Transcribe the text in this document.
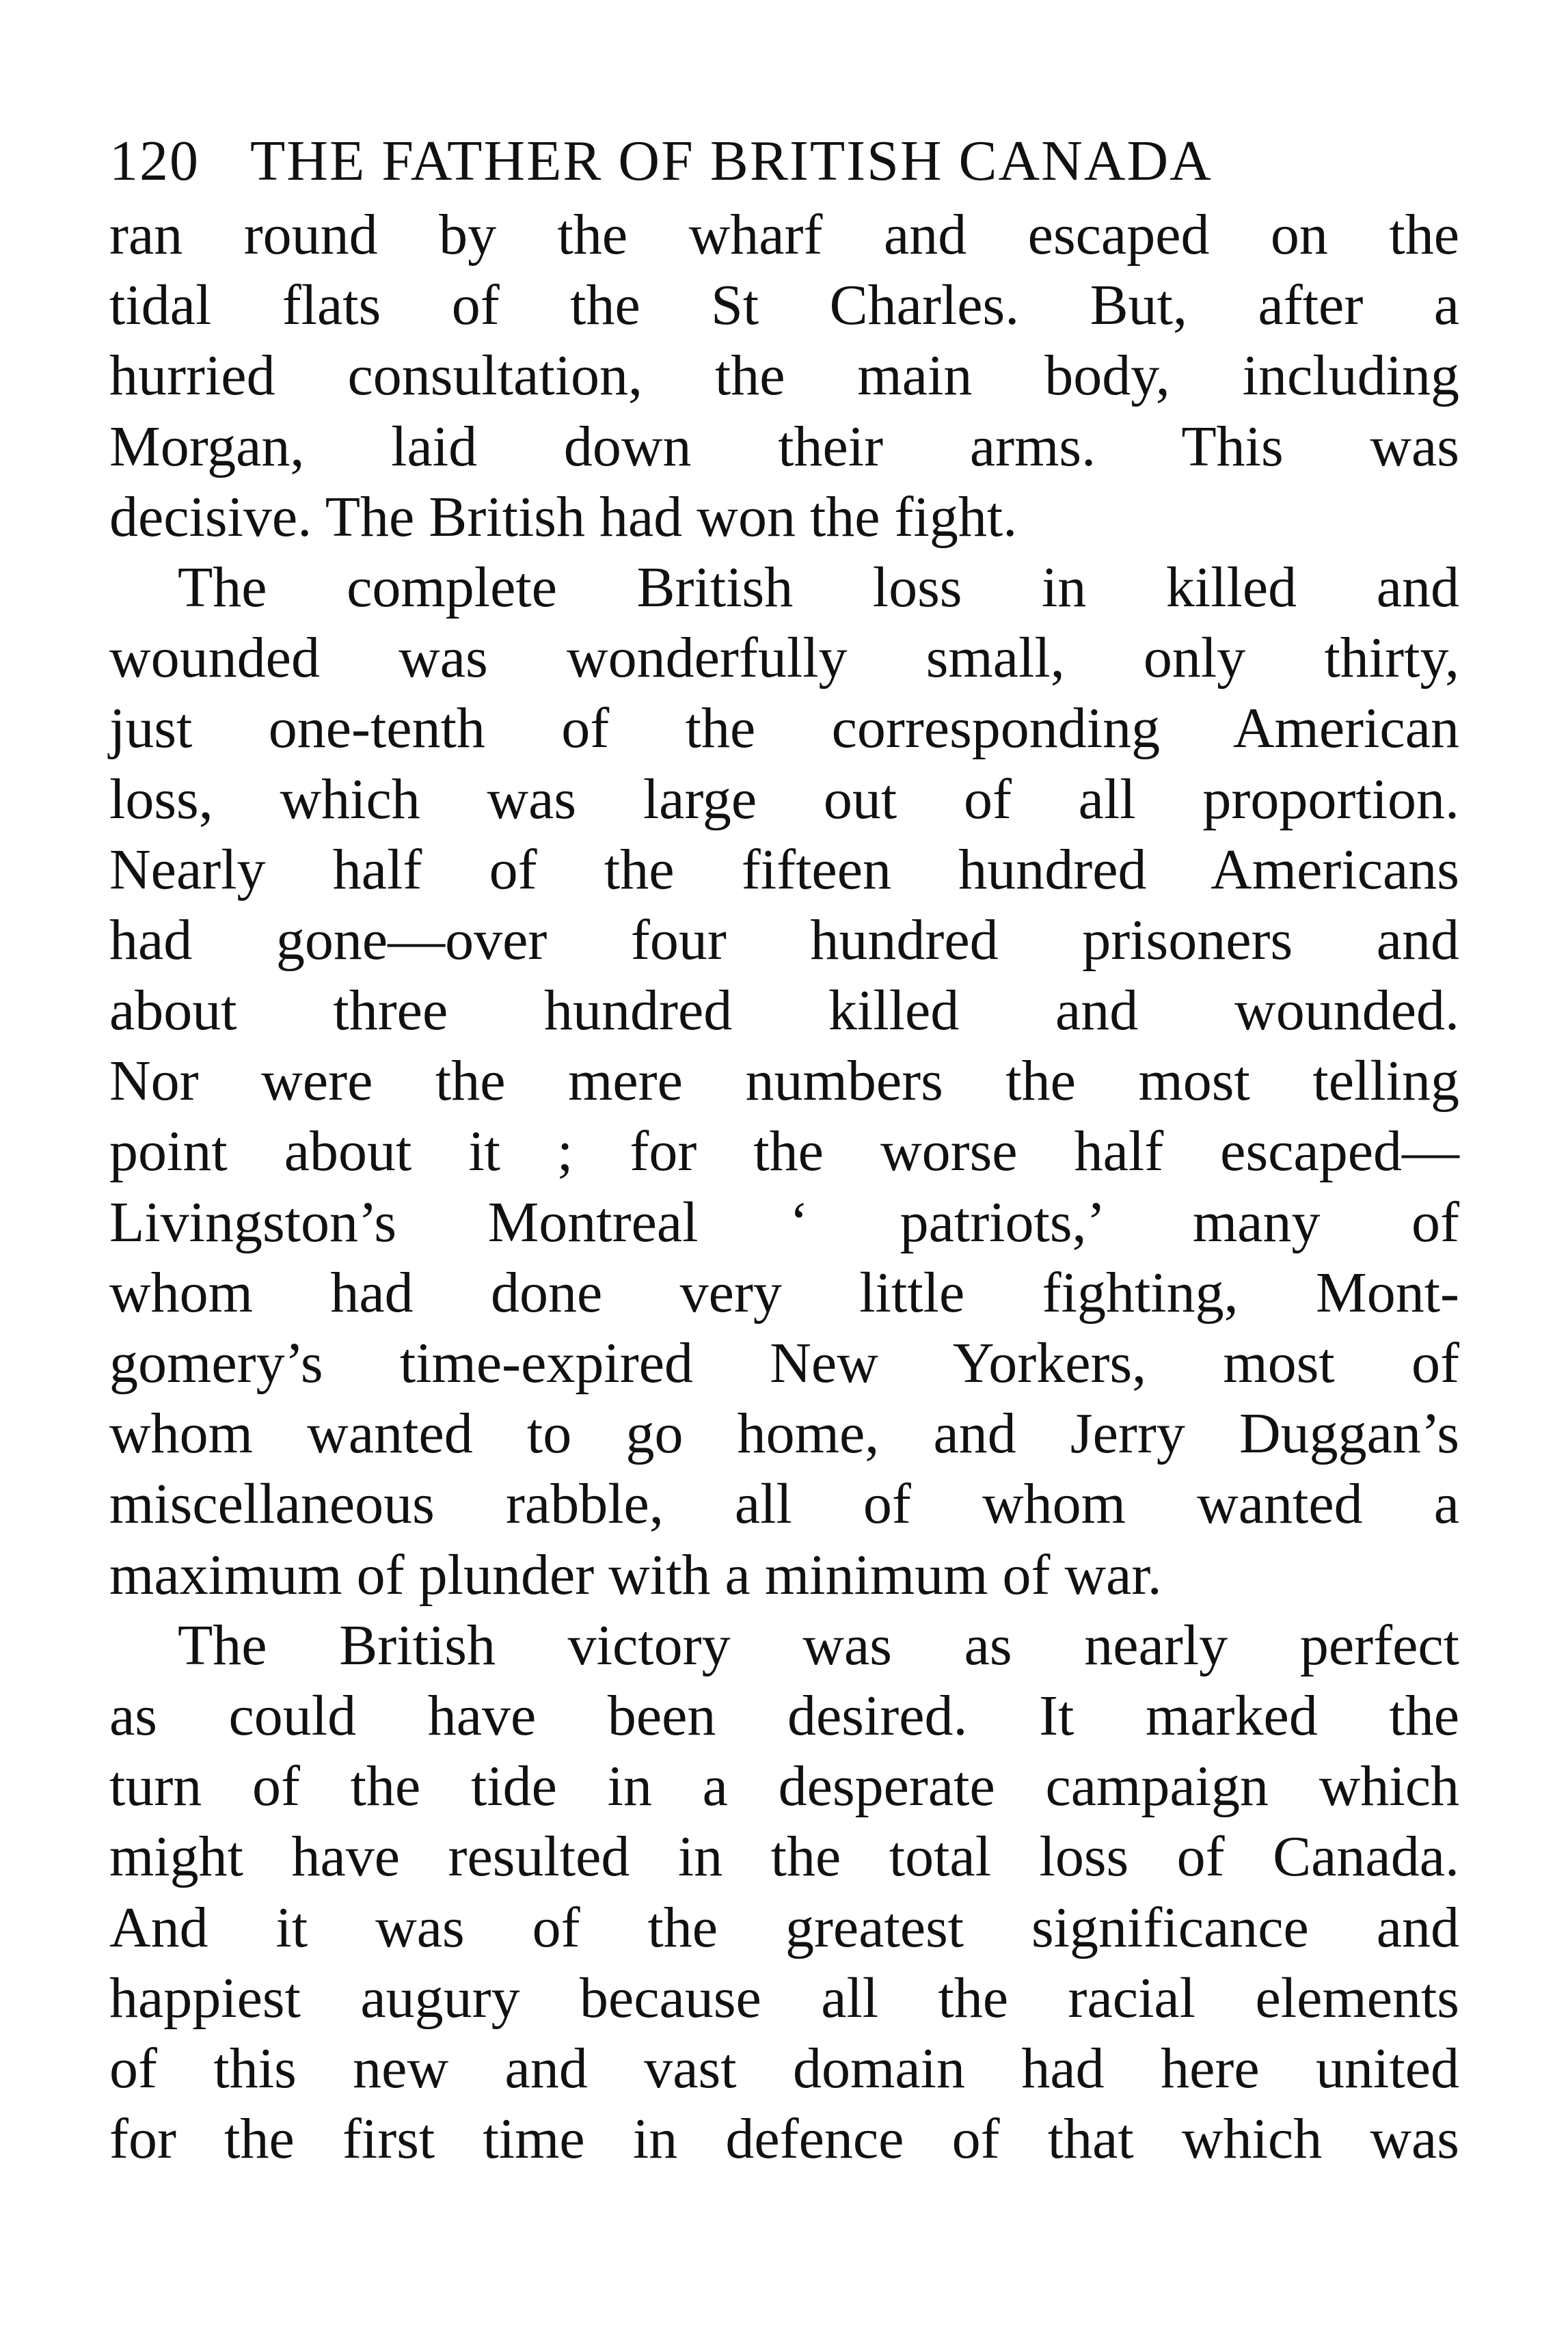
120 THE FATHER OF BRITISH CANADA
ran round by the wharf and escaped on the
tidal flats of the St Charles. But, after a
hurried consultation, the main body, including
Morgan, laid down their arms. This was
decisive. The British had won the fight.
The complete British loss in killed and
wounded was wonderfully small, only thirty,
just one-tenth of the corresponding American
loss, which was large out of all proportion.
Nearly half of the fifteen hundred Americans
had gone—over four hundred prisoners and
about three hundred killed and wounded.
Nor were the mere numbers the most telling
point about it ; for the worse half escaped—
Livingston’s Montreal ‘ patriots,’ many of
whom had done very little fighting, Mont-
gomery’s time-expired New Yorkers, most of
whom wanted to go home, and Jerry Duggan’s
miscellaneous rabble, all of whom wanted a
maximum of plunder with a minimum of war.
The British victory was as nearly perfect
as could have been desired. It marked the
turn of the tide in a desperate campaign which
might have resulted in the total loss of Canada.
And it was of the greatest significance and
happiest augury because all the racial elements
of this new and vast domain had here united
for the first time in defence of that which was
